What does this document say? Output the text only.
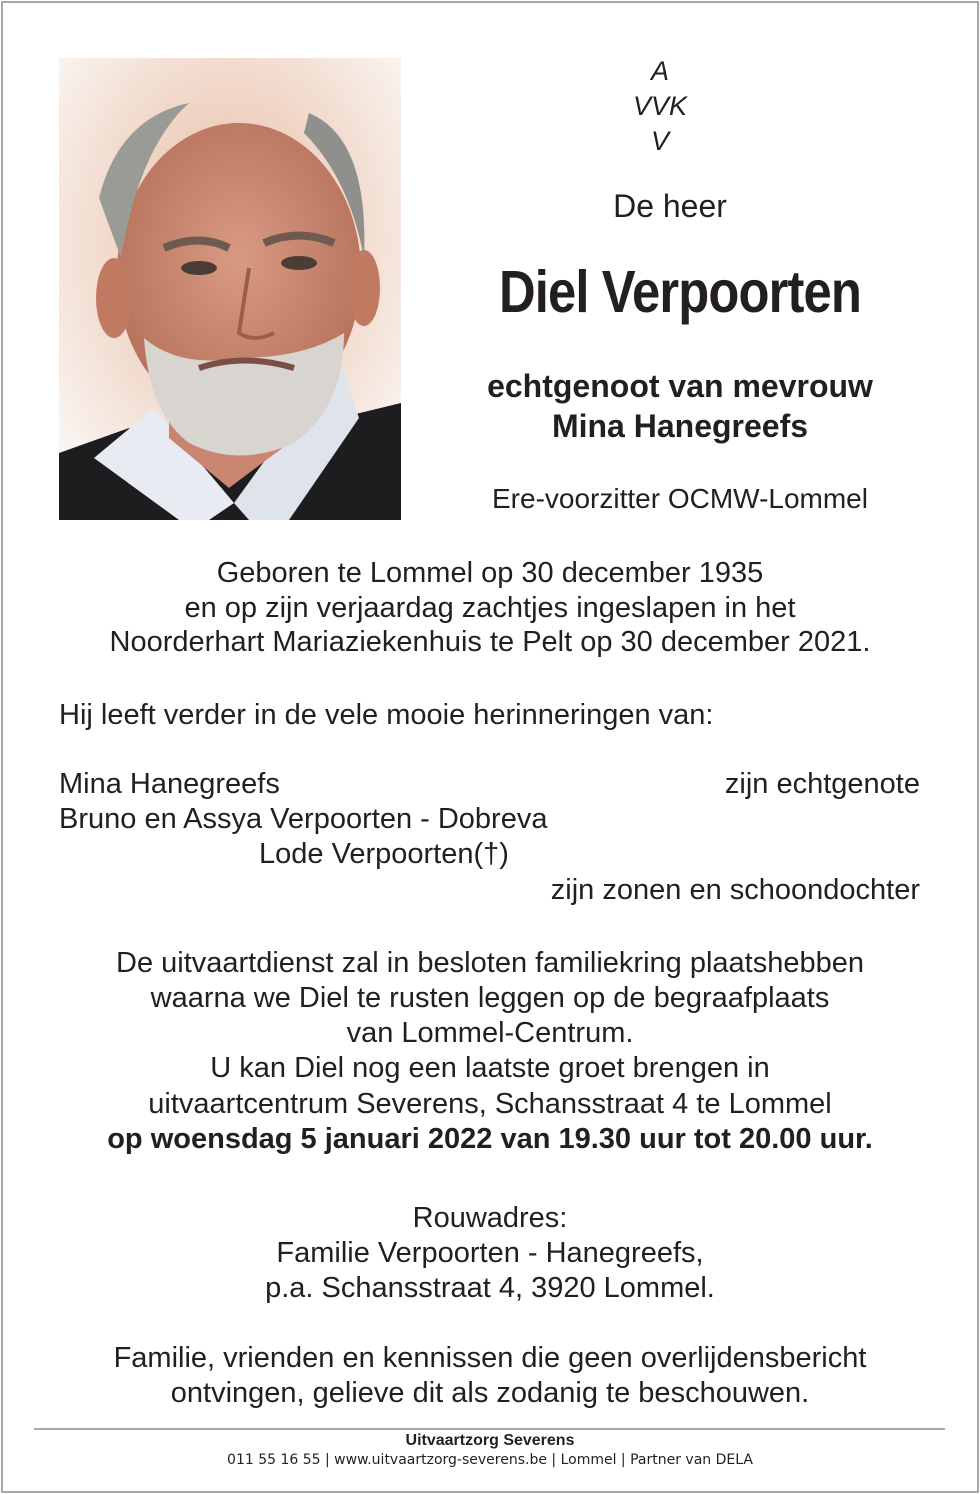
A
VVK
V
De heer
Diel Verpoorten
echtgenoot van mevrouw
Mina Hanegreefs
Ere-voorzitter OCMW-Lommel
Geboren te Lommel op 30 december 1935
en op zijn verjaardag zachtjes ingeslapen in het
Noorderhart Mariaziekenhuis te Pelt op 30 december 2021.
Hij leeft verder in de vele mooie herinneringen van:
Mina Hanegreefs	zijn echtgenote
Bruno en Assya Verpoorten - Dobreva
Lode Verpoorten(†)
zijn zonen en schoondochter
De uitvaartdienst zal in besloten familiekring plaatshebben
waarna we Diel te rusten leggen op de begraafplaats
van Lommel-Centrum.
U kan Diel nog een laatste groet brengen in
uitvaartcentrum Severens, Schansstraat 4 te Lommel
op woensdag 5 januari 2022 van 19.30 uur tot 20.00 uur.
Rouwadres:
Familie Verpoorten - Hanegreefs,
p.a. Schansstraat 4, 3920 Lommel.
Familie, vrienden en kennissen die geen overlijdensbericht
ontvingen, gelieve dit als zodanig te beschouwen.
Uitvaartzorg Severens
011 55 16 55 | www.uitvaartzorg-severens.be | Lommel | Partner van DELA
